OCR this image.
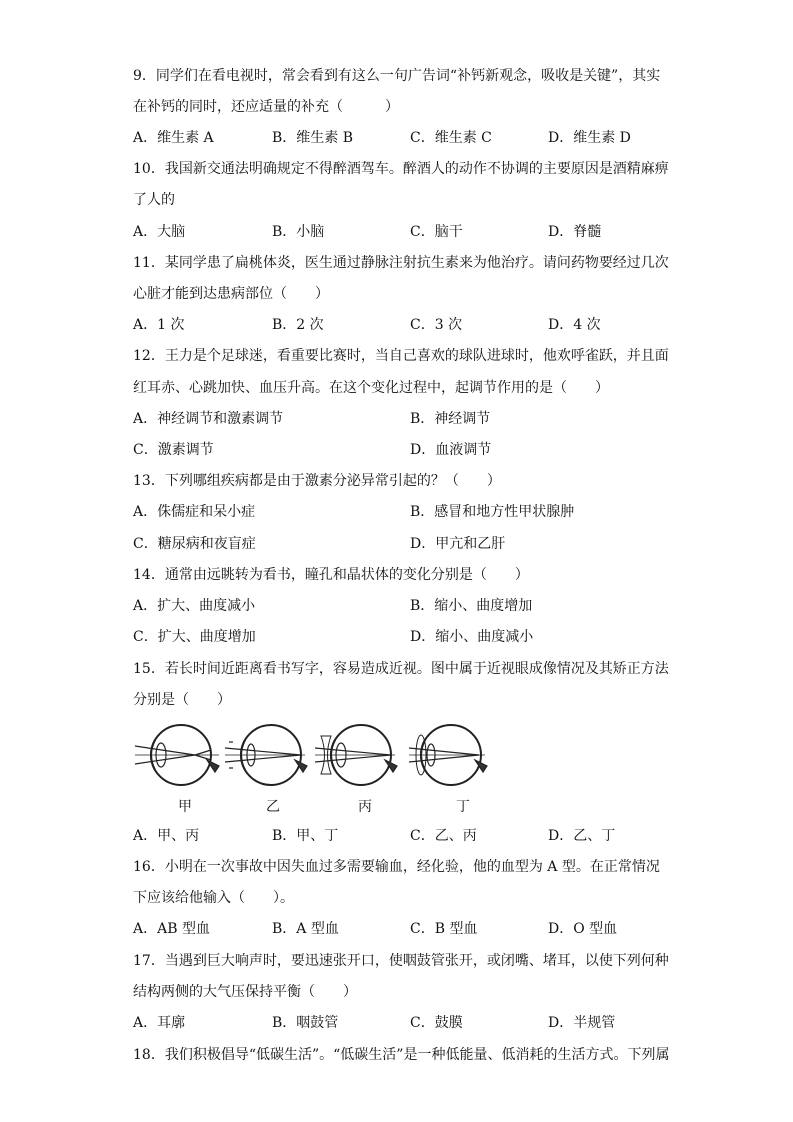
9．同学们在看电视时，常会看到有这么一句广告词“补钙新观念，吸收是关键”，其实
在补钙的同时，还应适量的补充（　　　）
A．维生素 A	B．维生素 B	C．维生素 C	D．维生素 D
10．我国新交通法明确规定不得醉酒驾车。醉酒人的动作不协调的主要原因是酒精麻痹
了人的
A．大脑	B．小脑	C．脑干	D．脊髓
11．某同学患了扁桃体炎，医生通过静脉注射抗生素来为他治疗。请问药物要经过几次
心脏才能到达患病部位（　　）
A．1 次	B．2 次	C．3 次	D．4 次
12．王力是个足球迷，看重要比赛时，当自己喜欢的球队进球时，他欢呼雀跃，并且面
红耳赤、心跳加快、血压升高。在这个变化过程中，起调节作用的是（　　）
A．神经调节和激素调节	B．神经调节
C．激素调节	D．血液调节
13．下列哪组疾病都是由于激素分泌异常引起的？（　　）
A．侏儒症和呆小症	B．感冒和地方性甲状腺肿
C．糖尿病和夜盲症	D．甲亢和乙肝
14．通常由远眺转为看书，瞳孔和晶状体的变化分别是（　　）
A．扩大、曲度减小	B．缩小、曲度增加
C．扩大、曲度增加	D．缩小、曲度减小
15．若长时间近距离看书写字，容易造成近视。图中属于近视眼成像情况及其矫正方法
分别是（　　）
甲	乙	丙	丁
A．甲、丙	B．甲、丁	C．乙、丙	D．乙、丁
16．小明在一次事故中因失血过多需要输血，经化验，他的血型为 A 型。在正常情况
下应该给他输入（　　）。
A．AB 型血	B．A 型血	C．B 型血	D．O 型血
17．当遇到巨大响声时，要迅速张开口，使咽鼓管张开，或闭嘴、堵耳，以使下列何种
结构两侧的大气压保持平衡（　　）
A．耳廓	B．咽鼓管	C．鼓膜	D．半规管
18．我们积极倡导“低碳生活”。“低碳生活”是一种低能量、低消耗的生活方式。下列属
